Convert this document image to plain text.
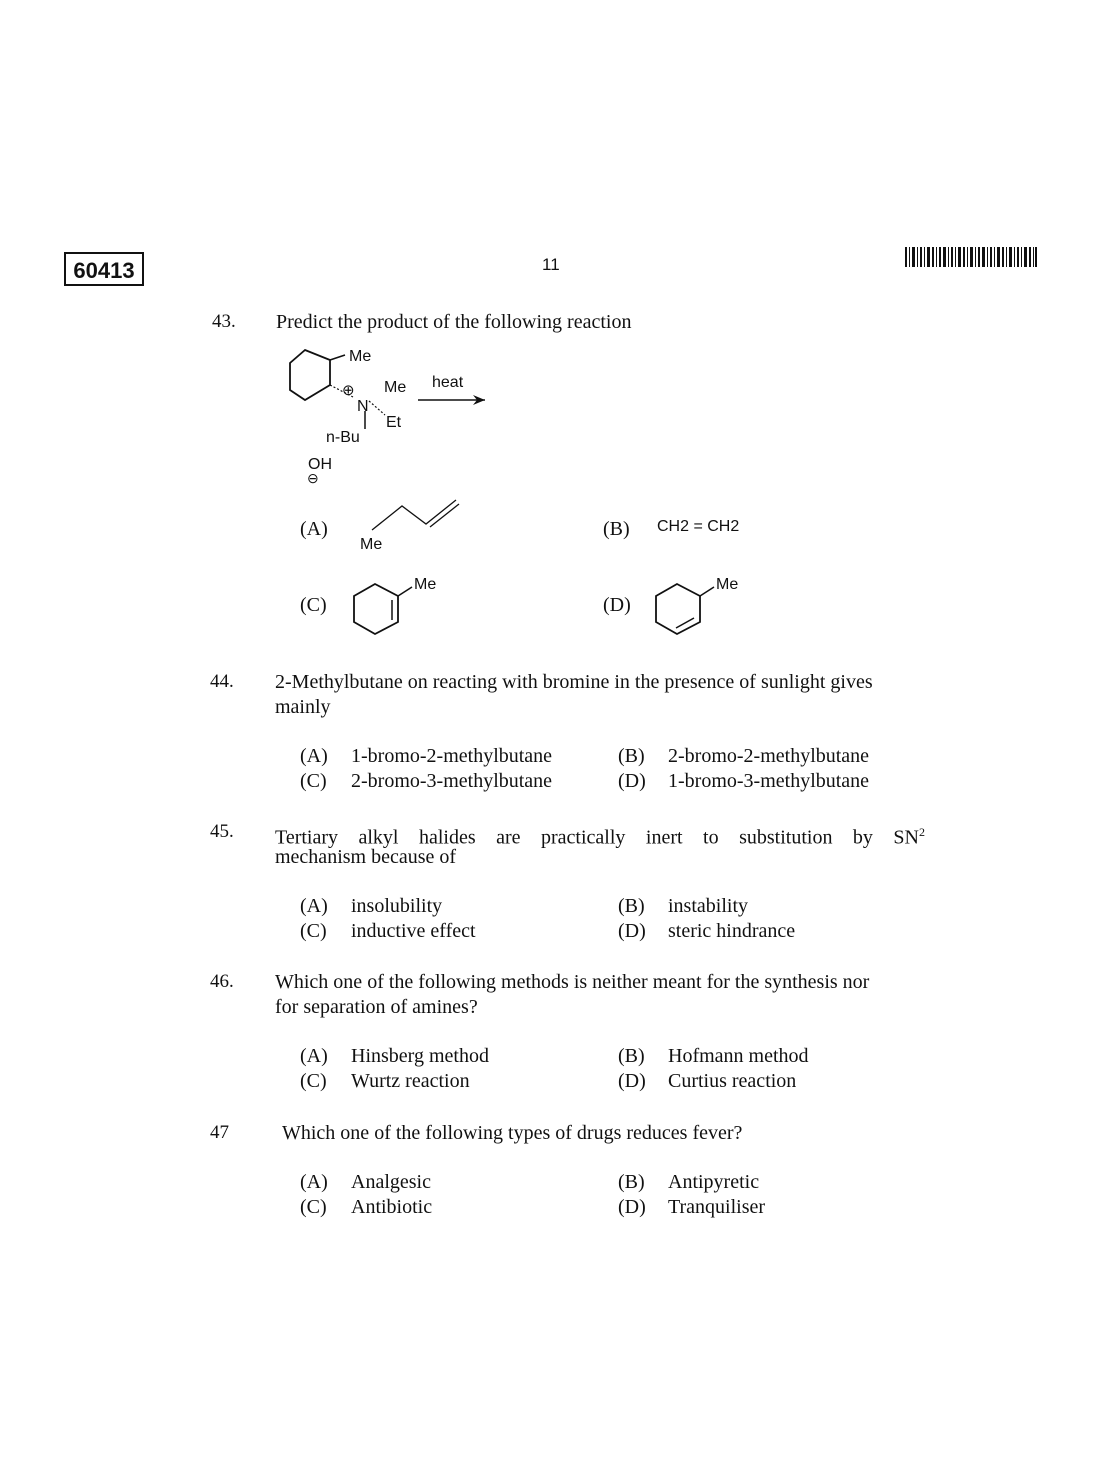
60413	11
43. Predict the product of the following reaction
Me
⊕ Me
N
Et
n-Bu
heat
OH
⊖
(A)
Me
(B) CH2 = CH2
(C)
Me
(D)
Me
44. 2-Methylbutane on reacting with bromine in the presence of sunlight gives
mainly
(A) 1-bromo-2-methylbutane	(B) 2-bromo-2-methylbutane
(C) 2-bromo-3-methylbutane	(D) 1-bromo-3-methylbutane
45. Tertiary alkyl halides are practically inert to substitution by $SN^2$
mechanism because of
(A) insolubility	(B) instability
(C) inductive effect	(D) steric hindrance
46. Which one of the following methods is neither meant for the synthesis nor
for separation of amines?
(A) Hinsberg method	(B) Hofmann method
(C) Wurtz reaction	(D) Curtius reaction
47	Which one of the following types of drugs reduces fever?
(A) Analgesic	(B) Antipyretic
(C) Antibiotic	(D) Tranquiliser
